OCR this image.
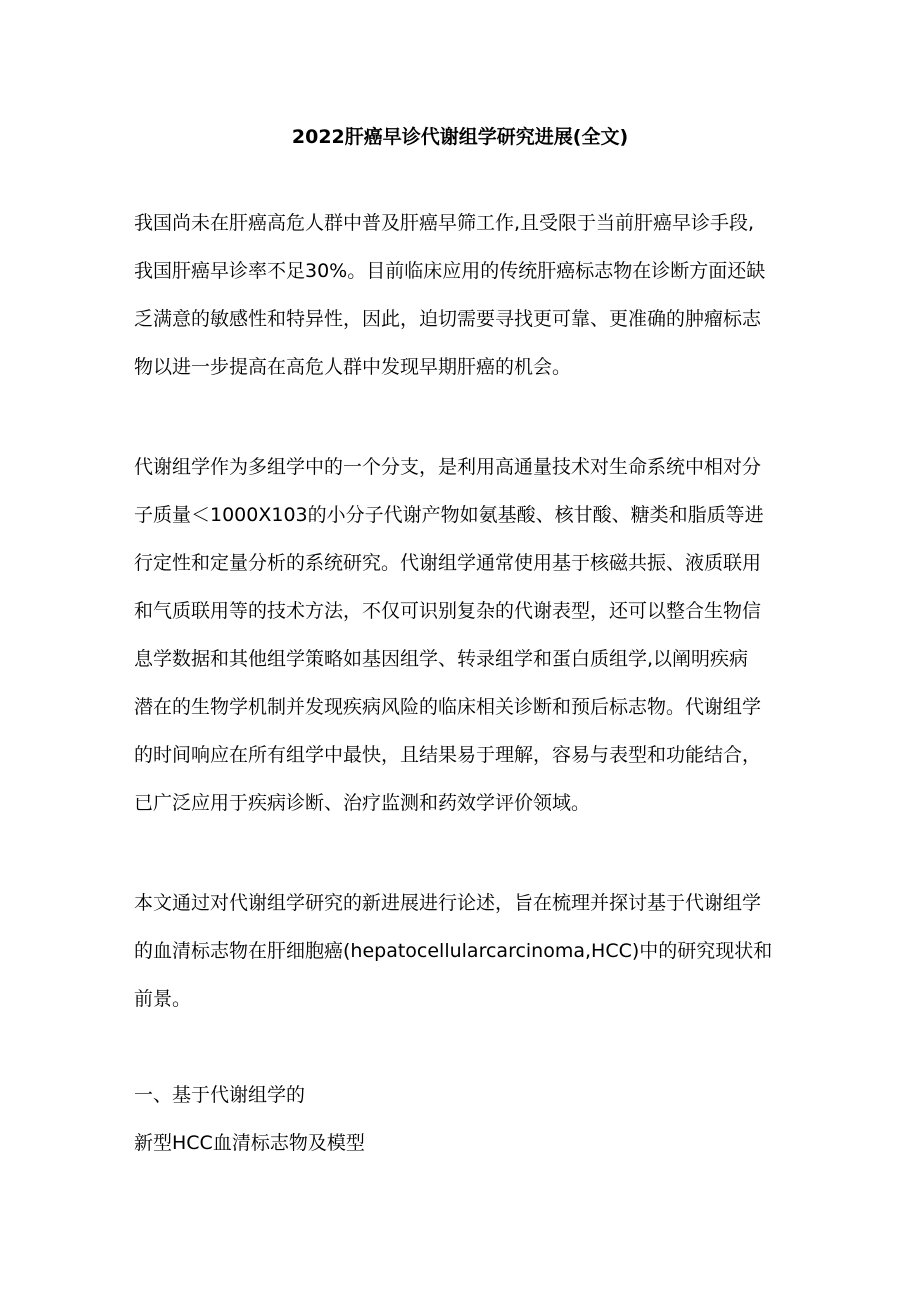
2022肝癌早诊代谢组学研究进展(全文)

我国尚未在肝癌高危人群中普及肝癌早筛工作,且受限于当前肝癌早诊手段,
我国肝癌早诊率不足30%。目前临床应用的传统肝癌标志物在诊断方面还缺
乏满意的敏感性和特异性，因此，迫切需要寻找更可靠、更准确的肿瘤标志
物以进一步提高在高危人群中发现早期肝癌的机会。

代谢组学作为多组学中的一个分支，是利用高通量技术对生命系统中相对分
子质量＜1000X103的小分子代谢产物如氨基酸、核甘酸、糖类和脂质等进
行定性和定量分析的系统研究。代谢组学通常使用基于核磁共振、液质联用
和气质联用等的技术方法，不仅可识别复杂的代谢表型，还可以整合生物信
息学数据和其他组学策略如基因组学、转录组学和蛋白质组学,以阐明疾病
潜在的生物学机制并发现疾病风险的临床相关诊断和预后标志物。代谢组学
的时间响应在所有组学中最快，且结果易于理解，容易与表型和功能结合，
已广泛应用于疾病诊断、治疗监测和药效学评价领域。

本文通过对代谢组学研究的新进展进行论述，旨在梳理并探讨基于代谢组学
的血清标志物在肝细胞癌(hepatocellularcarcinoma,HCC)中的研究现状和
前景。

一、基于代谢组学的

新型HCC血清标志物及模型
